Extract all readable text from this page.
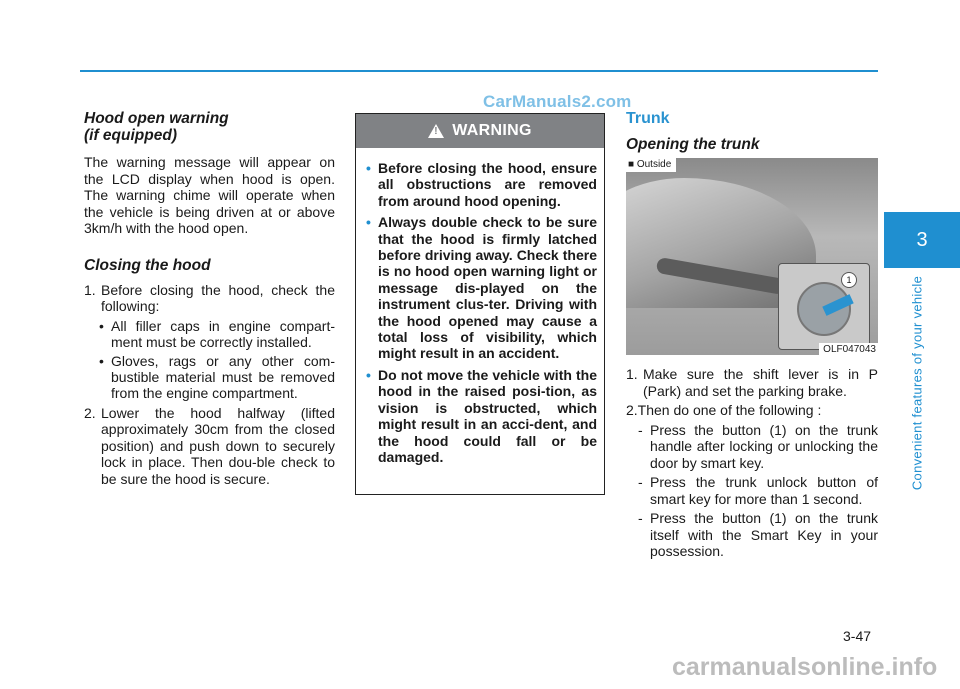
CarManuals2.com

Hood open warning

(if equipped)

The warning message will appear on the LCD display when hood is open. The warning chime will operate when the vehicle is being driven at or above 3km/h with the hood open.

Closing the hood

1. Before closing the hood, check the following:
• All filler caps in engine compart-ment must be correctly installed.
• Gloves, rags or any other com-bustible material must be removed from the engine compartment.
2. Lower the hood halfway (lifted approximately 30cm from the closed position) and push down to securely lock in place. Then dou-ble check to be sure the hood is secure.
!
WARNING
• Before closing the hood, ensure all obstructions are removed from around hood opening.
• Always double check to be sure that the hood is firmly latched before driving away. Check there is no hood open warning light or message dis-played on the instrument clus-ter. Driving with the hood opened may cause a total loss of visibility, which might result in an accident.
• Do not move the vehicle with the hood in the raised posi-tion, as vision is obstructed, which might result in an acci-dent, and the hood could fall or be damaged.

Trunk

Opening the trunk

1
■ Outside
OLF047043
1. Make sure the shift lever is in P (Park) and set the parking brake.

2.Then do one of the following :

- Press the button (1) on the trunk handle after locking or unlocking the door by smart key.
- Press the trunk unlock button of smart key for more than 1 second.
- Press the button (1) on the trunk itself with the Smart Key in your possession.
3
Convenient features of your vehicle
3-47
carmanualsonline.info
